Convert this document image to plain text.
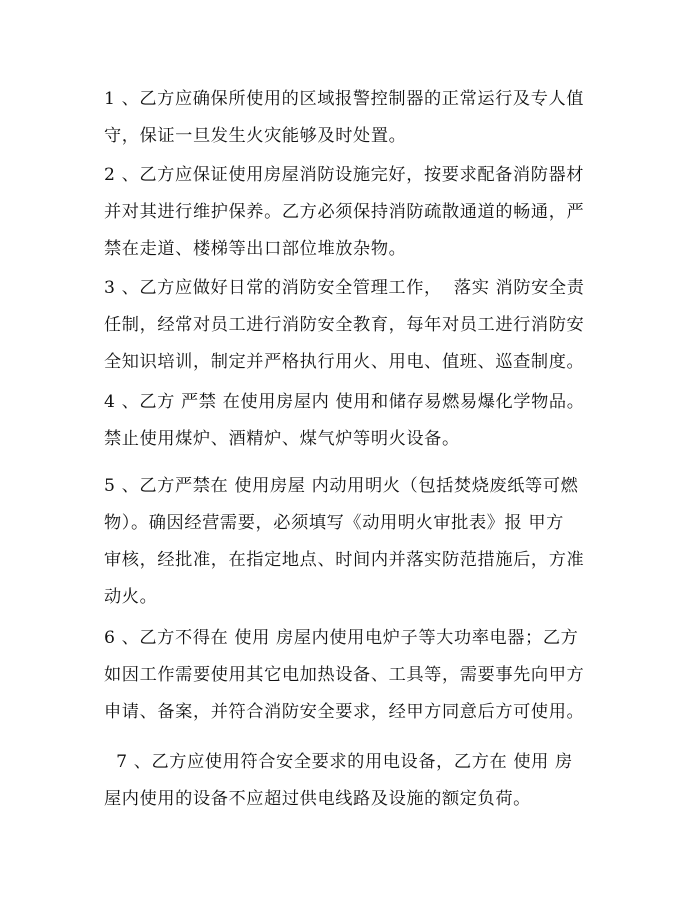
1 、乙方应确保所使用的区域报警控制器的正常运行及专人值
守，保证一旦发生火灾能够及时处置。

2 、乙方应保证使用房屋消防设施完好，按要求配备消防器材
并对其进行维护保养。乙方必须保持消防疏散通道的畅通，严
禁在走道、楼梯等出口部位堆放杂物。

3 、乙方应做好日常的消防安全管理工作，  落实 消防安全责
任制，经常对员工进行消防安全教育，每年对员工进行消防安
全知识培训，制定并严格执行用火、用电、值班、巡查制度。

4 、乙方 严禁 在使用房屋内 使用和储存易燃易爆化学物品。
禁止使用煤炉、酒精炉、煤气炉等明火设备。

5 、乙方严禁在 使用房屋 内动用明火（包括焚烧废纸等可燃
物）。确因经营需要，必须填写《动用明火审批表》报 甲方
审核，经批准，在指定地点、时间内并落实防范措施后，方准
动火。

6 、乙方不得在 使用 房屋内使用电炉子等大功率电器；乙方
如因工作需要使用其它电加热设备、工具等，需要事先向甲方
申请、备案，并符合消防安全要求，经甲方同意后方可使用。

7 、乙方应使用符合安全要求的用电设备，乙方在 使用 房
屋内使用的设备不应超过供电线路及设施的额定负荷。
